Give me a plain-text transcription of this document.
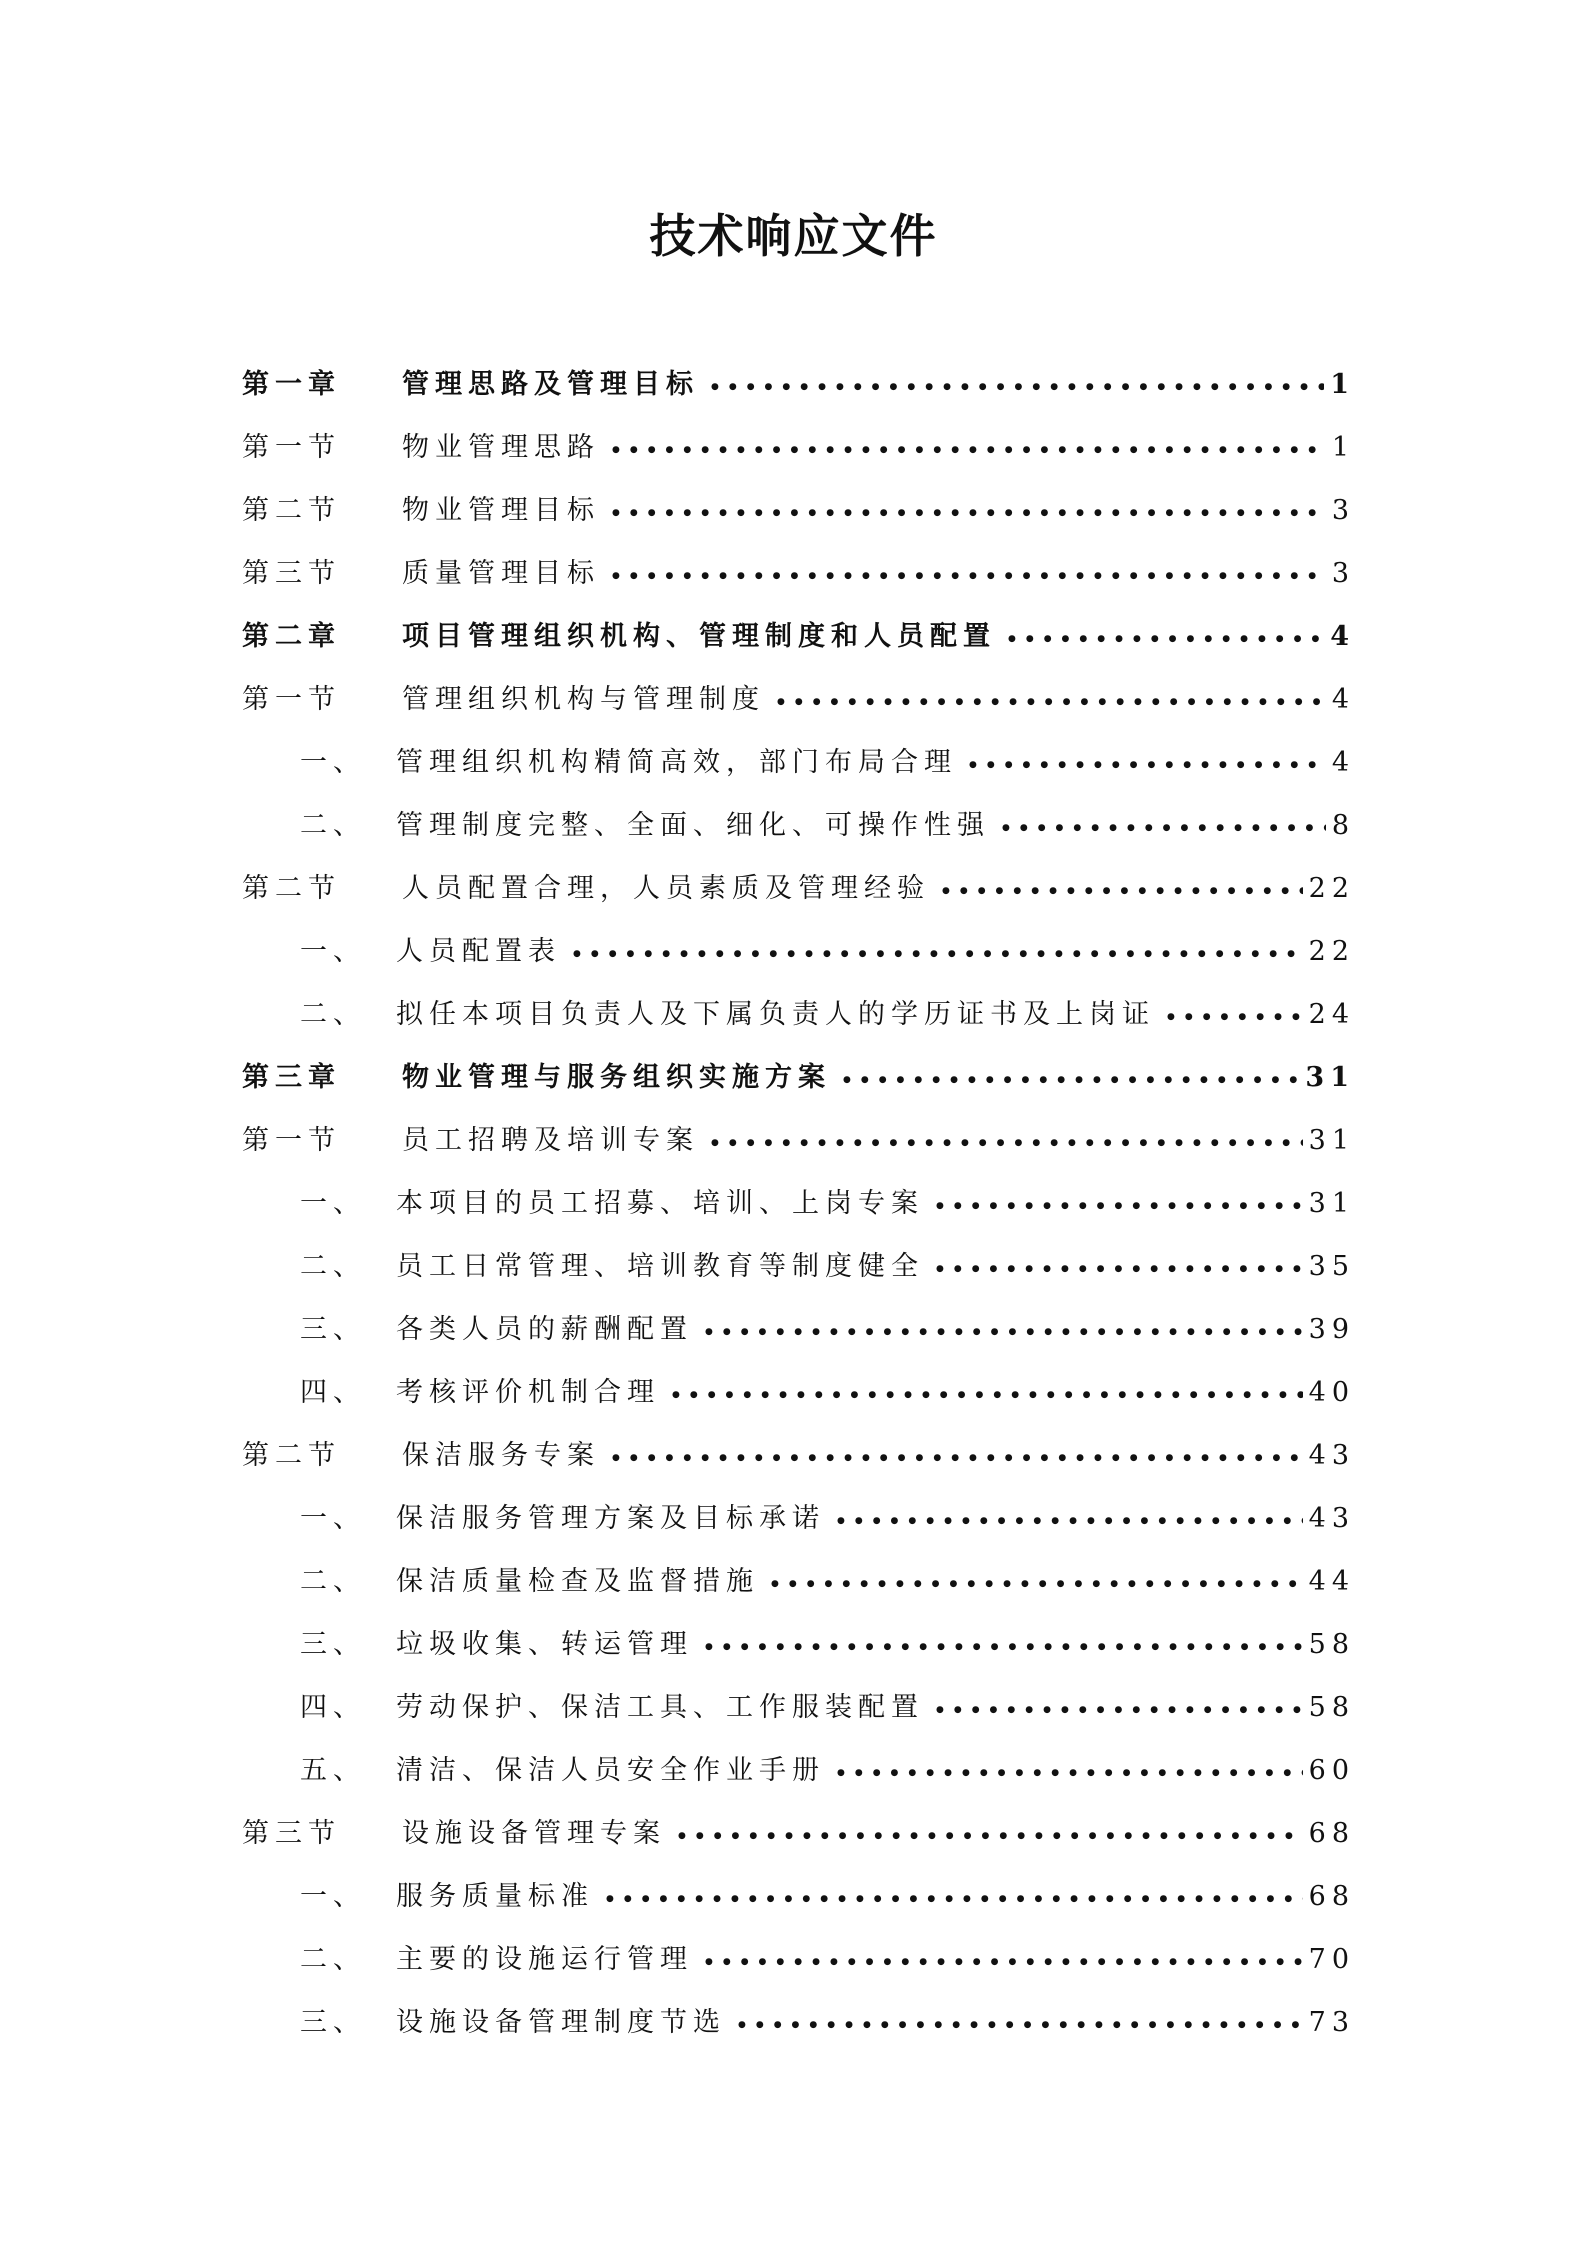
技术响应文件
第一章	管理思路及管理目标 ●●●●●●●●●●●●●●●●●●●●●●●●●●●●●●●●●●●●●●●●●●●●●●●●●●●●●●●●●●●●●●●●●●●●●●●●●●●●●●●●●●●●●●●●●●●●●	1
第一节	物业管理思路 ●●●●●●●●●●●●●●●●●●●●●●●●●●●●●●●●●●●●●●●●●●●●●●●●●●●●●●●●●●●●●●●●●●●●●●●●●●●●●●●●●●●●●●●●●●●●●	1
第二节	物业管理目标 ●●●●●●●●●●●●●●●●●●●●●●●●●●●●●●●●●●●●●●●●●●●●●●●●●●●●●●●●●●●●●●●●●●●●●●●●●●●●●●●●●●●●●●●●●●●●●	3
第三节	质量管理目标 ●●●●●●●●●●●●●●●●●●●●●●●●●●●●●●●●●●●●●●●●●●●●●●●●●●●●●●●●●●●●●●●●●●●●●●●●●●●●●●●●●●●●●●●●●●●●●	3
第二章	项目管理组织机构、管理制度和人员配置 ●●●●●●●●●●●●●●●●●●●●●●●●●●●●●●●●●●●●●●●●●●●●●●●●●●●●●●●●●●●●●●●●●●●●●●●●●●●●●●●●●●●●●●●●●●●●●	4
第一节	管理组织机构与管理制度 ●●●●●●●●●●●●●●●●●●●●●●●●●●●●●●●●●●●●●●●●●●●●●●●●●●●●●●●●●●●●●●●●●●●●●●●●●●●●●●●●●●●●●●●●●●●●●	4
一、	管理组织机构精简高效，部门布局合理 ●●●●●●●●●●●●●●●●●●●●●●●●●●●●●●●●●●●●●●●●●●●●●●●●●●●●●●●●●●●●●●●●●●●●●●●●●●●●●●●●●●●●●●●●●●●●●	4
二、	管理制度完整、全面、细化、可操作性强 ●●●●●●●●●●●●●●●●●●●●●●●●●●●●●●●●●●●●●●●●●●●●●●●●●●●●●●●●●●●●●●●●●●●●●●●●●●●●●●●●●●●●●●●●●●●●●	8
第二节	人员配置合理，人员素质及管理经验 ●●●●●●●●●●●●●●●●●●●●●●●●●●●●●●●●●●●●●●●●●●●●●●●●●●●●●●●●●●●●●●●●●●●●●●●●●●●●●●●●●●●●●●●●●●●●●	22
一、	人员配置表 ●●●●●●●●●●●●●●●●●●●●●●●●●●●●●●●●●●●●●●●●●●●●●●●●●●●●●●●●●●●●●●●●●●●●●●●●●●●●●●●●●●●●●●●●●●●●●	22
二、	拟任本项目负责人及下属负责人的学历证书及上岗证 ●●●●●●●●●●●●●●●●●●●●●●●●●●●●●●●●●●●●●●●●●●●●●●●●●●●●●●●●●●●●●●●●●●●●●●●●●●●●●●●●●●●●●●●●●●●●●	24
第三章	物业管理与服务组织实施方案 ●●●●●●●●●●●●●●●●●●●●●●●●●●●●●●●●●●●●●●●●●●●●●●●●●●●●●●●●●●●●●●●●●●●●●●●●●●●●●●●●●●●●●●●●●●●●●	31
第一节	员工招聘及培训专案 ●●●●●●●●●●●●●●●●●●●●●●●●●●●●●●●●●●●●●●●●●●●●●●●●●●●●●●●●●●●●●●●●●●●●●●●●●●●●●●●●●●●●●●●●●●●●●	31
一、	本项目的员工招募、培训、上岗专案 ●●●●●●●●●●●●●●●●●●●●●●●●●●●●●●●●●●●●●●●●●●●●●●●●●●●●●●●●●●●●●●●●●●●●●●●●●●●●●●●●●●●●●●●●●●●●●	31
二、	员工日常管理、培训教育等制度健全 ●●●●●●●●●●●●●●●●●●●●●●●●●●●●●●●●●●●●●●●●●●●●●●●●●●●●●●●●●●●●●●●●●●●●●●●●●●●●●●●●●●●●●●●●●●●●●	35
三、	各类人员的薪酬配置 ●●●●●●●●●●●●●●●●●●●●●●●●●●●●●●●●●●●●●●●●●●●●●●●●●●●●●●●●●●●●●●●●●●●●●●●●●●●●●●●●●●●●●●●●●●●●●	39
四、	考核评价机制合理 ●●●●●●●●●●●●●●●●●●●●●●●●●●●●●●●●●●●●●●●●●●●●●●●●●●●●●●●●●●●●●●●●●●●●●●●●●●●●●●●●●●●●●●●●●●●●●	40
第二节	保洁服务专案 ●●●●●●●●●●●●●●●●●●●●●●●●●●●●●●●●●●●●●●●●●●●●●●●●●●●●●●●●●●●●●●●●●●●●●●●●●●●●●●●●●●●●●●●●●●●●●	43
一、	保洁服务管理方案及目标承诺 ●●●●●●●●●●●●●●●●●●●●●●●●●●●●●●●●●●●●●●●●●●●●●●●●●●●●●●●●●●●●●●●●●●●●●●●●●●●●●●●●●●●●●●●●●●●●●	43
二、	保洁质量检查及监督措施 ●●●●●●●●●●●●●●●●●●●●●●●●●●●●●●●●●●●●●●●●●●●●●●●●●●●●●●●●●●●●●●●●●●●●●●●●●●●●●●●●●●●●●●●●●●●●●	44
三、	垃圾收集、转运管理 ●●●●●●●●●●●●●●●●●●●●●●●●●●●●●●●●●●●●●●●●●●●●●●●●●●●●●●●●●●●●●●●●●●●●●●●●●●●●●●●●●●●●●●●●●●●●●	58
四、	劳动保护、保洁工具、工作服装配置 ●●●●●●●●●●●●●●●●●●●●●●●●●●●●●●●●●●●●●●●●●●●●●●●●●●●●●●●●●●●●●●●●●●●●●●●●●●●●●●●●●●●●●●●●●●●●●	58
五、	清洁、保洁人员安全作业手册 ●●●●●●●●●●●●●●●●●●●●●●●●●●●●●●●●●●●●●●●●●●●●●●●●●●●●●●●●●●●●●●●●●●●●●●●●●●●●●●●●●●●●●●●●●●●●●	60
第三节	设施设备管理专案 ●●●●●●●●●●●●●●●●●●●●●●●●●●●●●●●●●●●●●●●●●●●●●●●●●●●●●●●●●●●●●●●●●●●●●●●●●●●●●●●●●●●●●●●●●●●●●	68
一、	服务质量标准 ●●●●●●●●●●●●●●●●●●●●●●●●●●●●●●●●●●●●●●●●●●●●●●●●●●●●●●●●●●●●●●●●●●●●●●●●●●●●●●●●●●●●●●●●●●●●●	68
二、	主要的设施运行管理 ●●●●●●●●●●●●●●●●●●●●●●●●●●●●●●●●●●●●●●●●●●●●●●●●●●●●●●●●●●●●●●●●●●●●●●●●●●●●●●●●●●●●●●●●●●●●●	70
三、	设施设备管理制度节选 ●●●●●●●●●●●●●●●●●●●●●●●●●●●●●●●●●●●●●●●●●●●●●●●●●●●●●●●●●●●●●●●●●●●●●●●●●●●●●●●●●●●●●●●●●●●●●	73
